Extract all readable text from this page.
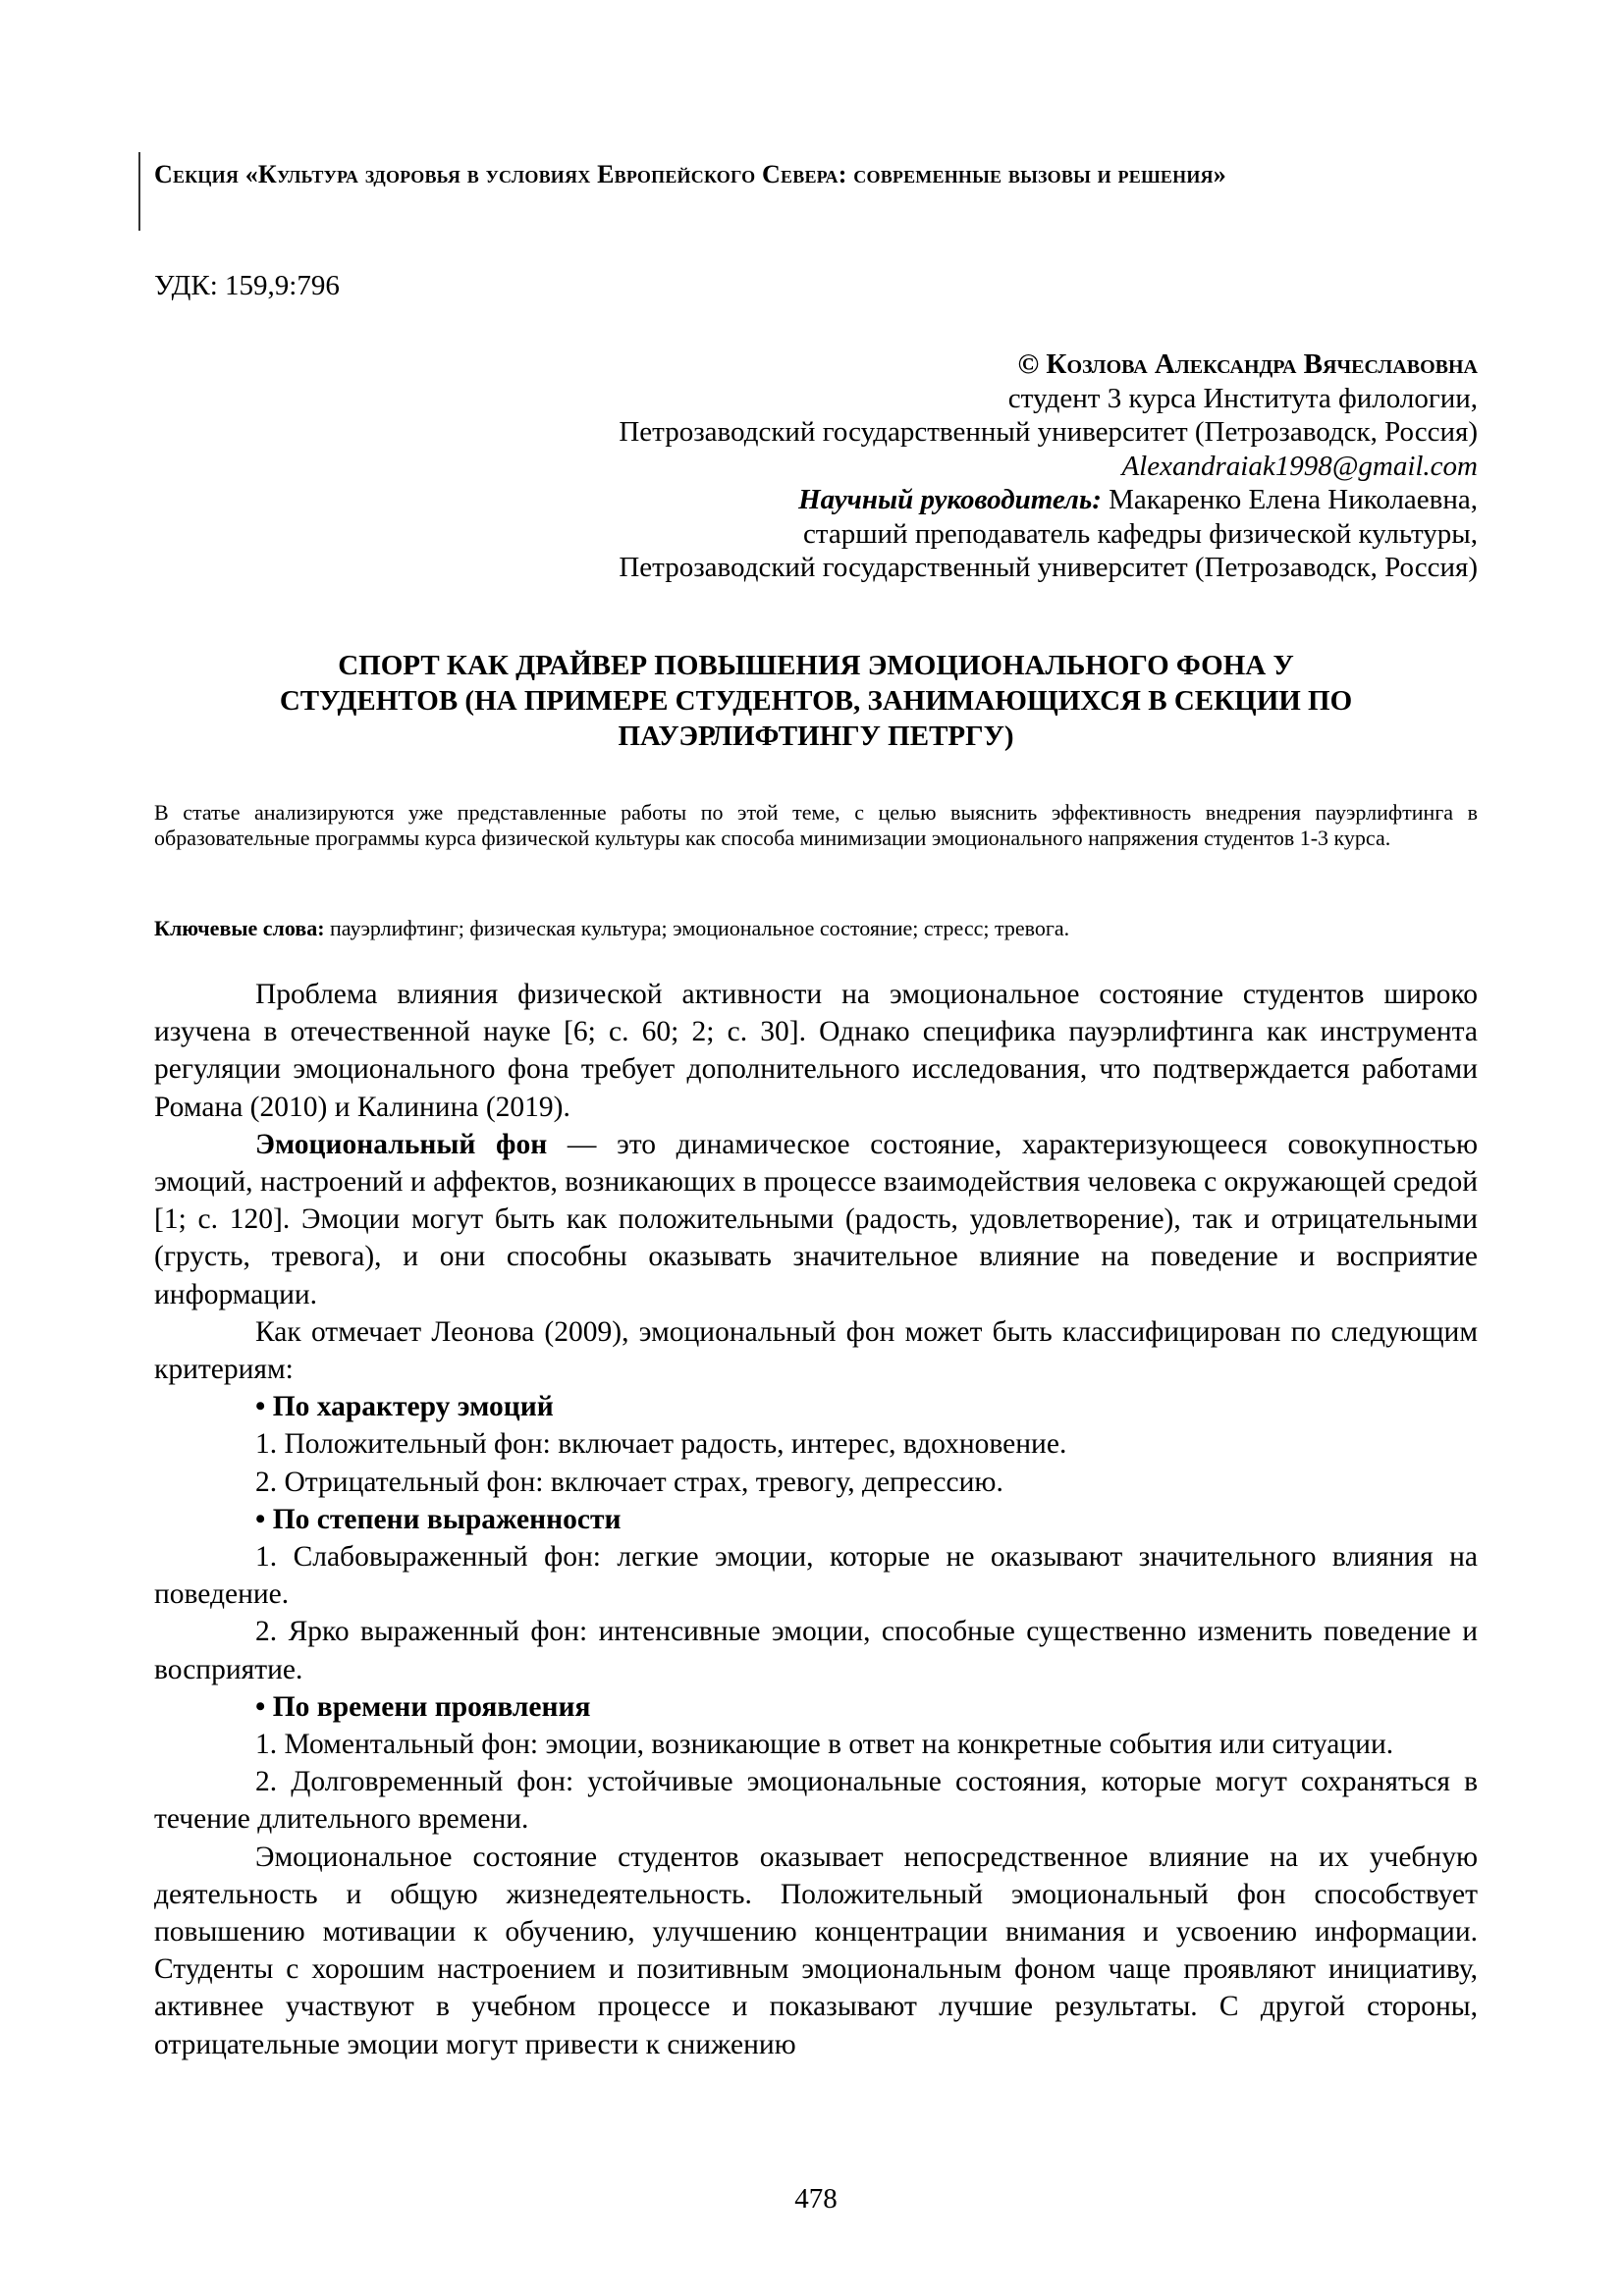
Секция «Культура здоровья в условиях Европейского Севера: современные вызовы и решения»
УДК: 159,9:796
© Козлова Александра Вячеславовна
студент 3 курса Института филологии,
Петрозаводский государственный университет (Петрозаводск, Россия)
Alexandraiak1998@gmail.com
Научный руководитель: Макаренко Елена Николаевна,
старший преподаватель кафедры физической культуры,
Петрозаводский государственный университет (Петрозаводск, Россия)
СПОРТ КАК ДРАЙВЕР ПОВЫШЕНИЯ ЭМОЦИОНАЛЬНОГО ФОНА У
СТУДЕНТОВ (НА ПРИМЕРЕ СТУДЕНТОВ, ЗАНИМАЮЩИХСЯ В СЕКЦИИ ПО
ПАУЭРЛИФТИНГУ ПЕТРГУ)
В статье анализируются уже представленные работы по этой теме, с целью выяснить эффективность внедрения пауэрлифтинга в образовательные программы курса физической культуры как способа минимизации эмоционального напряжения студентов 1-3 курса.
Ключевые слова: пауэрлифтинг; физическая культура; эмоциональное состояние; стресс; тревога.

Проблема влияния физической активности на эмоциональное состояние студентов широко изучена в отечественной науке [6; с. 60; 2; с. 30]. Однако специфика пауэрлифтинга как инструмента регуляции эмоционального фона требует дополнительного исследования, что подтверждается работами Романа (2010) и Калинина (2019).

Эмоциональный фон — это динамическое состояние, характеризующееся совокупностью эмоций, настроений и аффектов, возникающих в процессе взаимодействия человека с окружающей средой [1; с. 120]. Эмоции могут быть как положительными (радость, удовлетворение), так и отрицательными (грусть, тревога), и они способны оказывать значительное влияние на поведение и восприятие информации.

Как отмечает Леонова (2009), эмоциональный фон может быть классифицирован по следующим критериям:

• По характеру эмоций

1. Положительный фон: включает радость, интерес, вдохновение.

2. Отрицательный фон: включает страх, тревогу, депрессию.

• По степени выраженности

1. Слабовыраженный фон: легкие эмоции, которые не оказывают значительного влияния на поведение.

2. Ярко выраженный фон: интенсивные эмоции, способные существенно изменить поведение и восприятие.

• По времени проявления

1. Моментальный фон: эмоции, возникающие в ответ на конкретные события или ситуации.

2. Долговременный фон: устойчивые эмоциональные состояния, которые могут сохраняться в течение длительного времени.

Эмоциональное состояние студентов оказывает непосредственное влияние на их учебную деятельность и общую жизнедеятельность. Положительный эмоциональный фон способствует повышению мотивации к обучению, улучшению концентрации внимания и усвоению информации. Студенты с хорошим настроением и позитивным эмоциональным фоном чаще проявляют инициативу, активнее участвуют в учебном процессе и показывают лучшие результаты. С другой стороны, отрицательные эмоции могут привести к снижению

478
